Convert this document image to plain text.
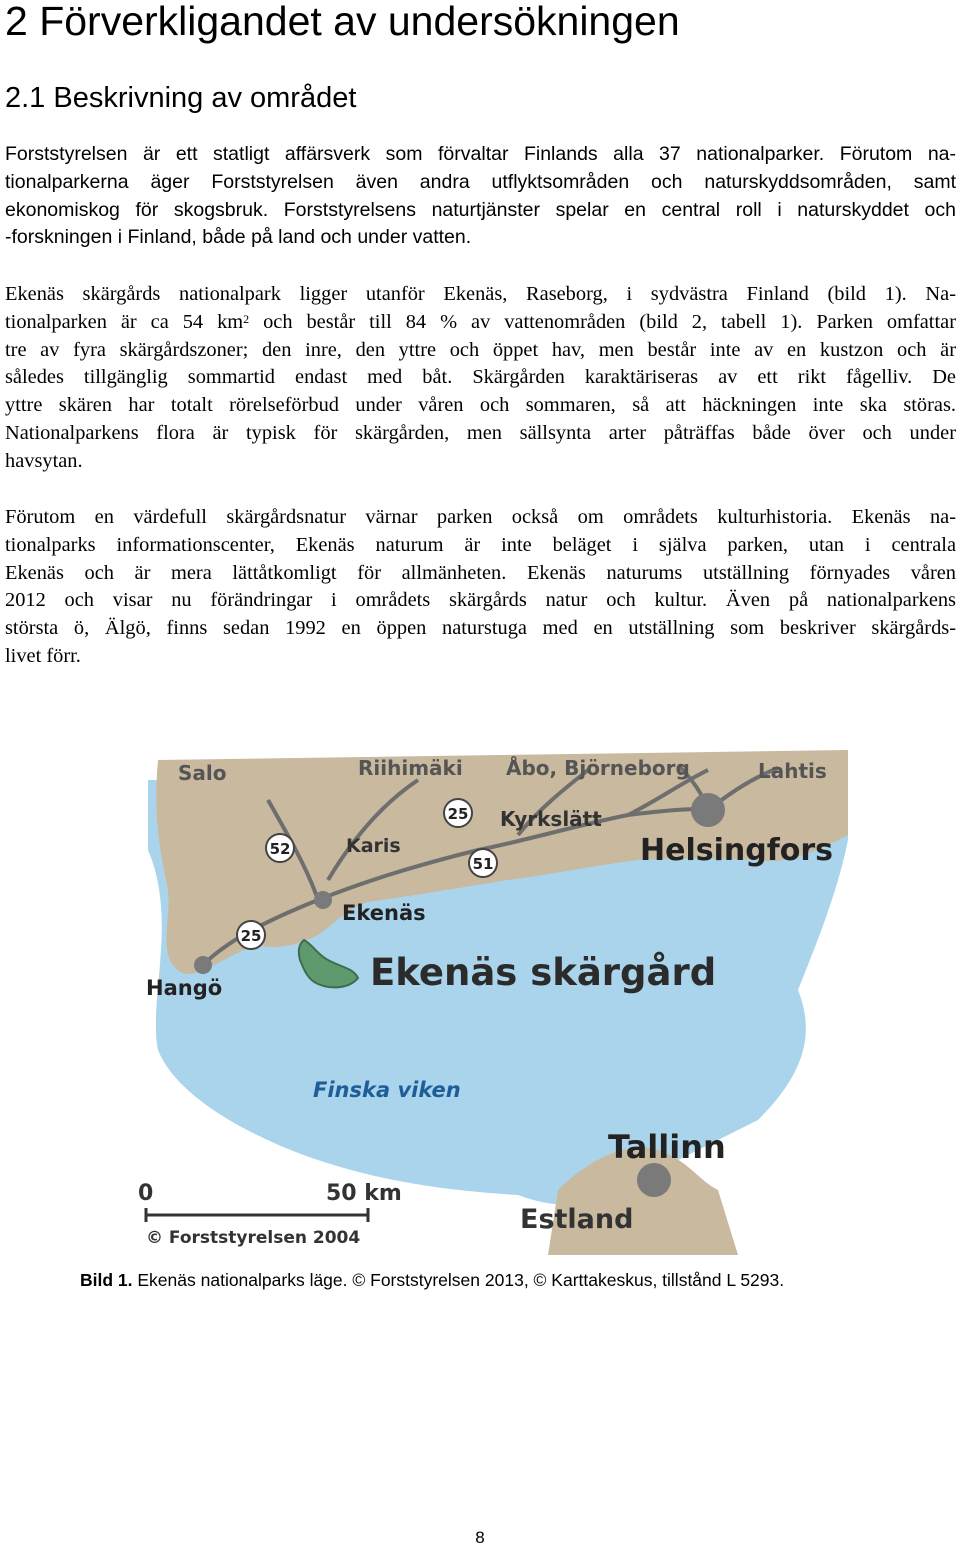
2 Förverkligandet av undersökningen
2.1 Beskrivning av området
Forststyrelsen är ett statligt affärsverk som förvaltar Finlands alla 37 nationalparker. Förutom na-
tionalparkerna äger Forststyrelsen även andra utflyktsområden och naturskyddsområden, samt
ekonomiskog för skogsbruk. Forststyrelsens naturtjänster spelar en central roll i naturskyddet och
-forskningen i Finland, både på land och under vatten.
Ekenäs skärgårds nationalpark ligger utanför Ekenäs, Raseborg, i sydvästra Finland (bild 1). Na-
tionalparken är ca 54 $km^2$ och består till 84 % av vattenområden (bild 2, tabell 1). Parken omfattar
tre av fyra skärgårdszoner; den inre, den yttre och öppet hav, men består inte av en kustzon och är
således tillgänglig sommartid endast med båt. Skärgården karaktäriseras av ett rikt fågelliv. De
yttre skären har totalt rörelseförbud under våren och sommaren, så att häckningen inte ska störas.
Nationalparkens flora är typisk för skärgården, men sällsynta arter påträffas både över och under
havsytan.
Förutom en värdefull skärgårdsnatur värnar parken också om områdets kulturhistoria. Ekenäs na-
tionalparks informationscenter, Ekenäs naturum är inte beläget i själva parken, utan i centrala
Ekenäs och är mera lättåtkomligt för allmänheten. Ekenäs naturums utställning förnyades våren
2012 och visar nu förändringar i områdets skärgårds natur och kultur. Även på nationalparkens
största ö, Älgö, finns sedan 1992 en öppen naturstuga med en utställning som beskriver skärgårds-
livet förr.
52
25
51
25
Salo	Riihimäki Åbo, Björneborg	Lahtis
Kyrkslätt
Helsingfors
Karis
Ekenäs
Hangö	Ekenäs skärgård
Finska viken
Tallinn
Estland
0	50 km
© Forststyrelsen 2004
Bild 1. Ekenäs nationalparks läge. © Forststyrelsen 2013, © Karttakeskus, tillstånd L 5293.
8
